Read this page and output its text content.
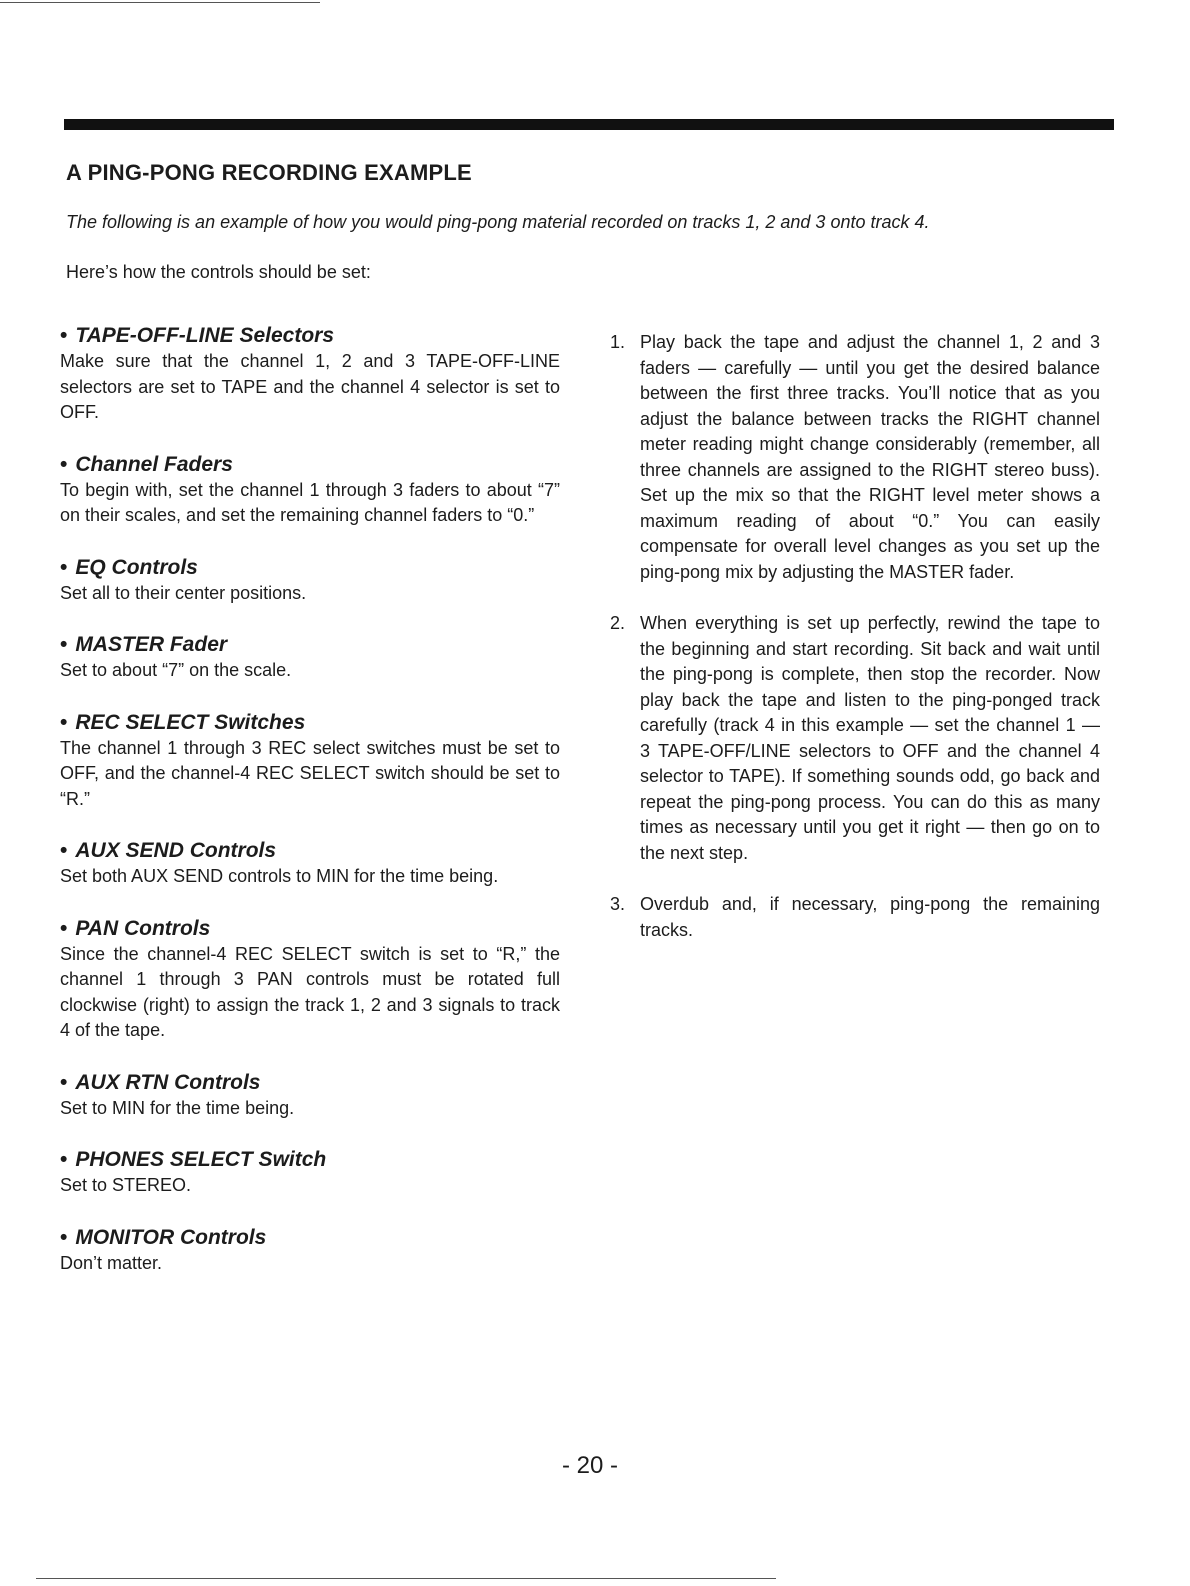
A PING-PONG RECORDING EXAMPLE

The following is an example of how you would ping-pong material recorded on tracks 1, 2 and 3 onto track 4.

Here’s how the controls should be set:

• TAPE-OFF-LINE Selectors

Make sure that the channel 1, 2 and 3 TAPE-OFF-LINE selectors are set to TAPE and the channel 4 selector is set to OFF.

• Channel Faders

To begin with, set the channel 1 through 3 faders to about “7” on their scales, and set the remaining channel faders to “0.”

• EQ Controls

Set all to their center positions.

• MASTER Fader

Set to about “7” on the scale.

• REC SELECT Switches

The channel 1 through 3 REC select switches must be set to OFF, and the channel-4 REC SELECT switch should be set to “R.”

• AUX SEND Controls

Set both AUX SEND controls to MIN for the time being.

• PAN Controls

Since the channel-4 REC SELECT switch is set to “R,” the channel 1 through 3 PAN controls must be rotated full clockwise (right) to assign the track 1, 2 and 3 signals to track 4 of the tape.

• AUX RTN Controls

Set to MIN for the time being.

• PHONES SELECT Switch

Set to STEREO.

• MONITOR Controls

Don’t matter.

1. Play back the tape and adjust the channel 1, 2 and 3 faders — carefully — until you get the desired balance between the first three tracks. You’ll notice that as you adjust the balance between tracks the RIGHT channel meter reading might change considerably (remember, all three channels are assigned to the RIGHT stereo buss). Set up the mix so that the RIGHT level meter shows a maximum reading of about “0.” You can easily compensate for overall level changes as you set up the ping-pong mix by adjusting the MASTER fader.

2. When everything is set up perfectly, rewind the tape to the beginning and start recording. Sit back and wait until the ping-pong is complete, then stop the recorder. Now play back the tape and listen to the ping-ponged track carefully (track 4 in this example — set the channel 1 — 3 TAPE-OFF/LINE selectors to OFF and the channel 4 selector to TAPE). If something sounds odd, go back and repeat the ping-pong process. You can do this as many times as necessary until you get it right — then go on to the next step.

3. Overdub and, if necessary, ping-pong the remaining tracks.

- 20 -
